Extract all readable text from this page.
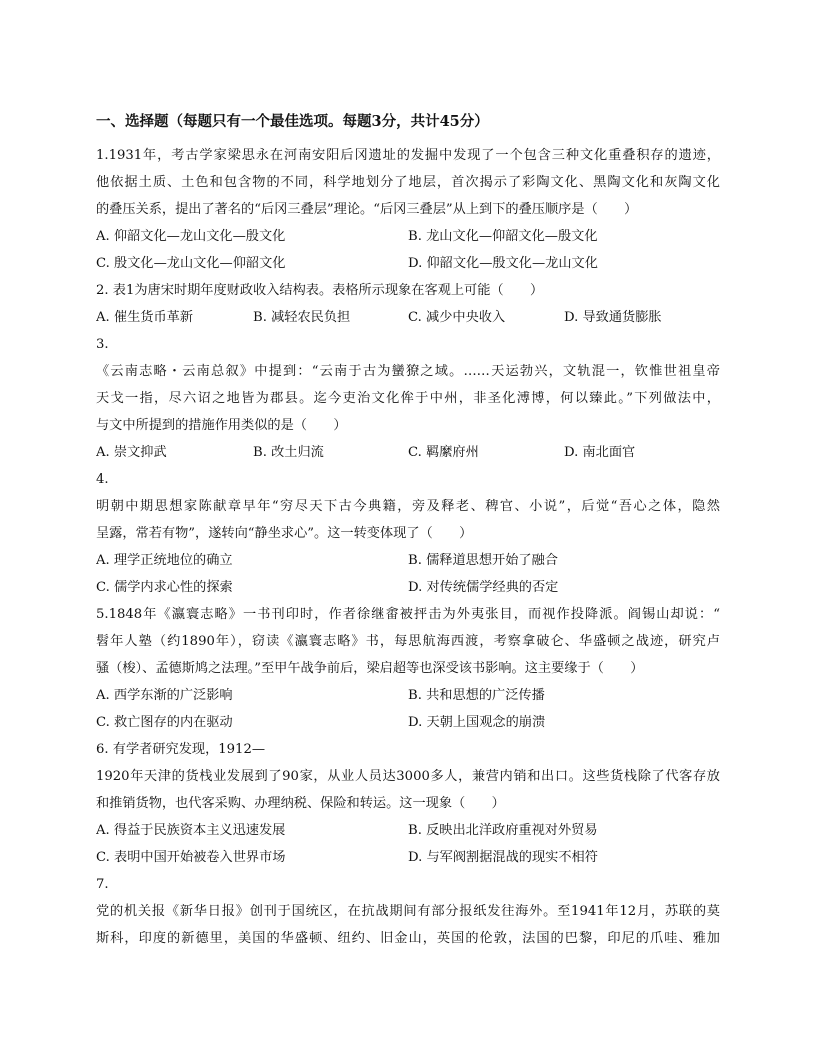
一、选择题（每题只有一个最佳选项。每题3分，共计45分）
1.1931年，考古学家梁思永在河南安阳后冈遗址的发掘中发现了一个包含三种文化重叠积存的遗迹，
他依据土质、土色和包含物的不同，科学地划分了地层，首次揭示了彩陶文化、黑陶文化和灰陶文化
的叠压关系，提出了著名的“后冈三叠层”理论。“后冈三叠层”从上到下的叠压顺序是（　　）
A. 仰韶文化—龙山文化—殷文化	B. 龙山文化—仰韶文化—殷文化
C. 殷文化—龙山文化—仰韶文化	D. 仰韶文化—殷文化—龙山文化
2. 表1为唐宋时期年度财政收入结构表。表格所示现象在客观上可能（　　）
A. 催生货币革新	B. 减轻农民负担	C. 减少中央收入	D. 导致通货膨胀
3.
《云南志略・云南总叙》中提到：“云南于古为蠻獠之域。……天运勃兴，文轨混一，钦惟世祖皇帝
天戈一指，尽六诏之地皆为郡县。迄今吏治文化侔于中州，非圣化溥博，何以臻此。”下列做法中，
与文中所提到的措施作用类似的是（　　）
A. 崇文抑武	B. 改土归流	C. 羁縻府州	D. 南北面官
4.
明朝中期思想家陈献章早年“穷尽天下古今典籍，旁及释老、稗官、小说”，后觉“吾心之体，隐然
呈露，常若有物”，遂转向“静坐求心”。这一转变体现了（　　）
A. 理学正统地位的确立	B. 儒释道思想开始了融合
C. 儒学内求心性的探索	D. 对传统儒学经典的否定
5.1848年《瀛寰志略》一书刊印时，作者徐继畬被抨击为外夷张目，而视作投降派。阎锡山却说：“
髫年人塾（约1890年），窃读《瀛寰志略》书，每思航海西渡，考察拿破仑、华盛顿之战迹，研究卢
骚（梭）、孟德斯鸠之法理。”至甲午战争前后，梁启超等也深受该书影响。这主要缘于（　　）
A. 西学东渐的广泛影响	B. 共和思想的广泛传播
C. 救亡图存的内在驱动	D. 天朝上国观念的崩溃
6. 有学者研究发现，1912—
1920年天津的货栈业发展到了90家，从业人员达3000多人，兼营内销和出口。这些货栈除了代客存放
和推销货物，也代客采购、办理纳税、保险和转运。这一现象（　　）
A. 得益于民族资本主义迅速发展	B. 反映出北洋政府重视对外贸易
C. 表明中国开始被卷入世界市场	D. 与军阀割据混战的现实不相符
7.
党的机关报《新华日报》创刊于国统区，在抗战期间有部分报纸发往海外。至1941年12月，苏联的莫
斯科，印度的新德里，美国的华盛顿、纽约、旧金山，英国的伦敦，法国的巴黎，印尼的爪哇、雅加
